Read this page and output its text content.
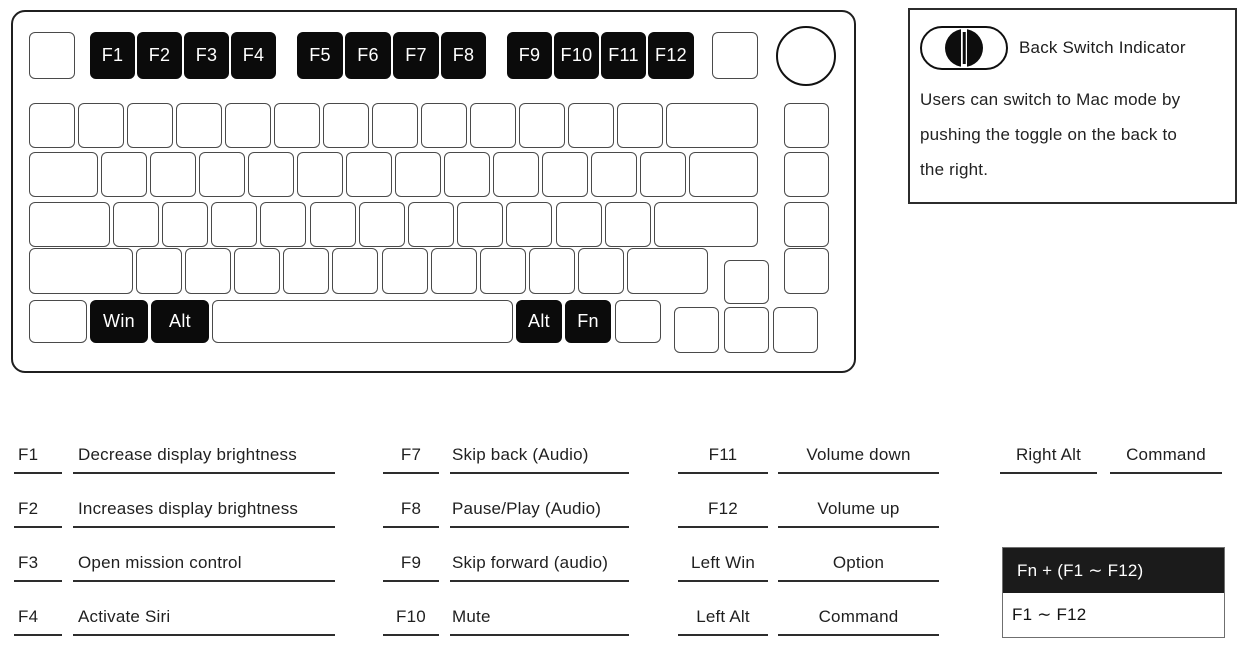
F1	F2	F3	F4	F5	F6	F7	F8	F9	F10 F11 F12
Win	Alt	Alt	Fn
Back Switch Indicator
Users can switch to Mac mode by
pushing the toggle on the back to
the right.
F1 Decrease display brightness
F2 Increases display brightness
F3 Open mission control
F4 Activate Siri
F7 Skip back (Audio)
F8 Pause/Play (Audio)
F9 Skip forward (audio)
F10 Mute
F11	Volume down
F12	Volume up
Left Win	Option
Left Alt	Command
Right Alt	Command
Fn + (F1 ∼ F12)
F1 ∼ F12
